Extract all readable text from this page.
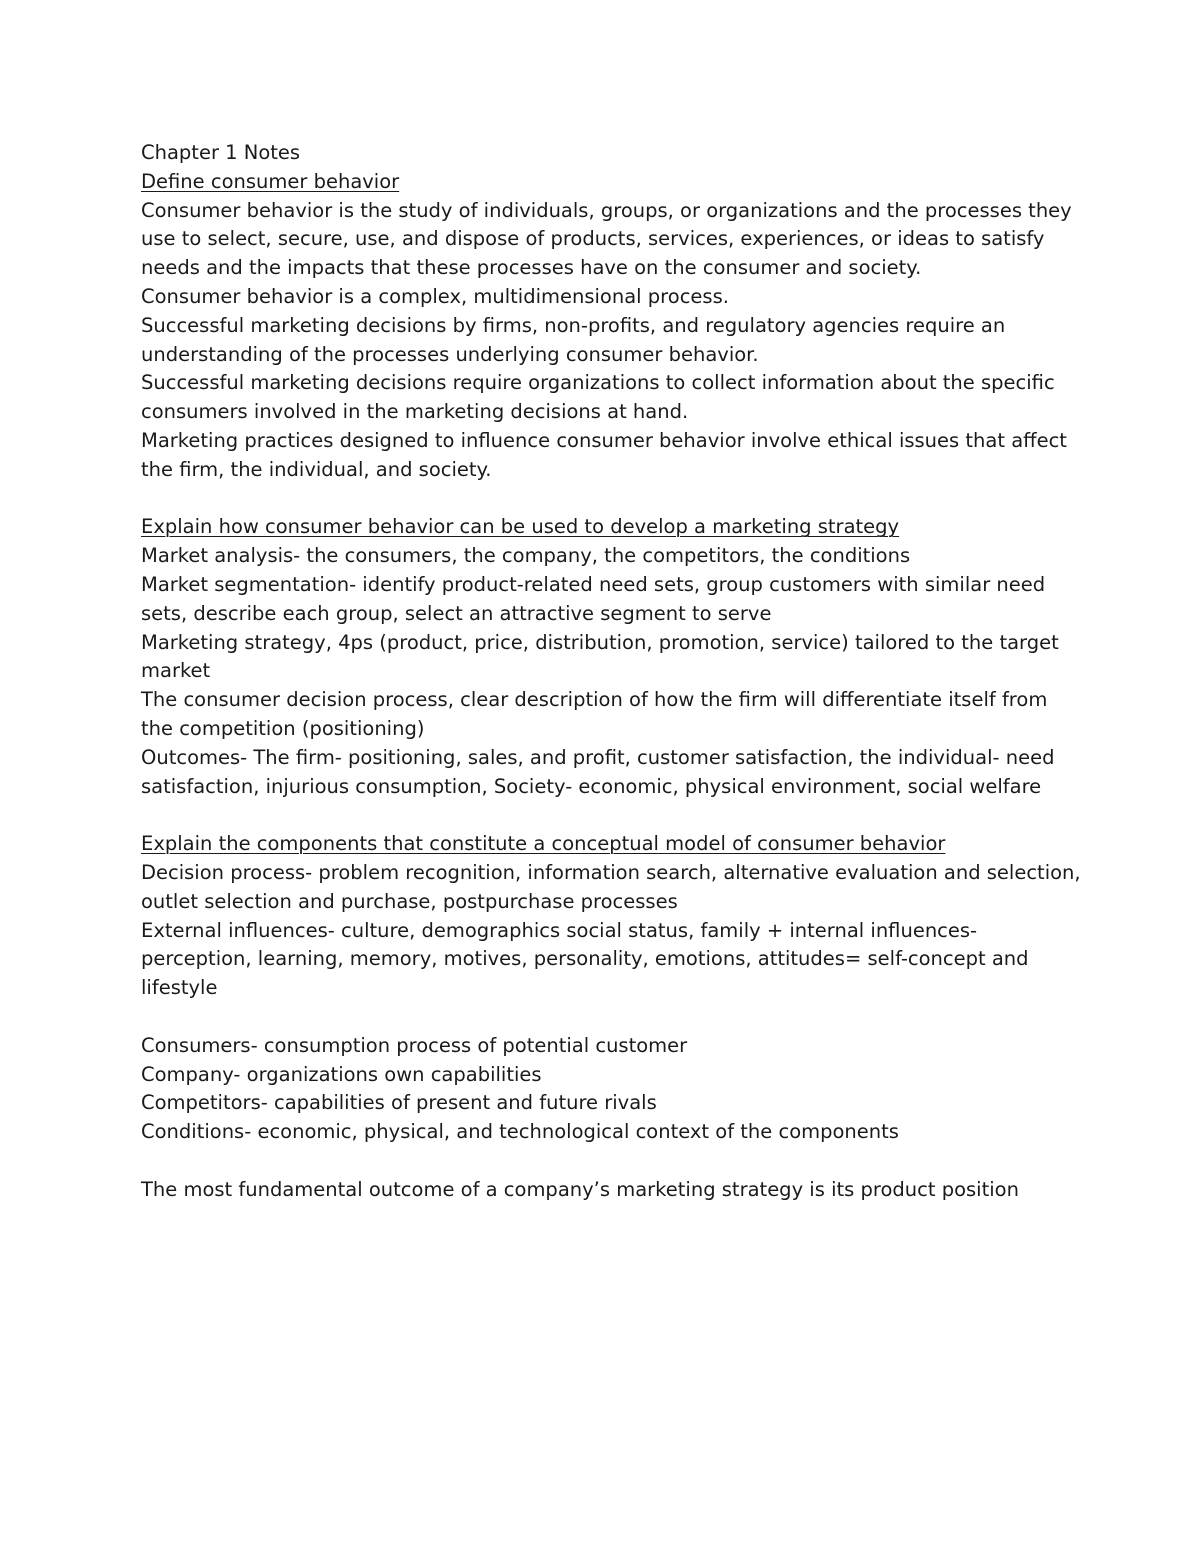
Chapter 1 Notes
Define consumer behavior
Consumer behavior is the study of individuals, groups, or organizations and the processes they use to select, secure, use, and dispose of products, services, experiences, or ideas to satisfy needs and the impacts that these processes have on the consumer and society.
Consumer behavior is a complex, multidimensional process.
Successful marketing decisions by firms, non-profits, and regulatory agencies require an understanding of the processes underlying consumer behavior.
Successful marketing decisions require organizations to collect information about the specific consumers involved in the marketing decisions at hand.
Marketing practices designed to influence consumer behavior involve ethical issues that affect the firm, the individual, and society.
Explain how consumer behavior can be used to develop a marketing strategy
Market analysis- the consumers, the company, the competitors, the conditions
Market segmentation- identify product-related need sets, group customers with similar need sets, describe each group, select an attractive segment to serve
Marketing strategy, 4ps (product, price, distribution, promotion, service) tailored to the target market
The consumer decision process, clear description of how the firm will differentiate itself from the competition (positioning)
Outcomes- The firm- positioning, sales, and profit, customer satisfaction, the individual- need satisfaction, injurious consumption, Society- economic, physical environment, social welfare
Explain the components that constitute a conceptual model of consumer behavior
Decision process- problem recognition, information search, alternative evaluation and selection, outlet selection and purchase, postpurchase processes
External influences- culture, demographics social status, family + internal influences- perception, learning, memory, motives, personality, emotions, attitudes= self-concept and lifestyle
Consumers- consumption process of potential customer
Company- organizations own capabilities
Competitors- capabilities of present and future rivals
Conditions- economic, physical, and technological context of the components
The most fundamental outcome of a company’s marketing strategy is its product position
